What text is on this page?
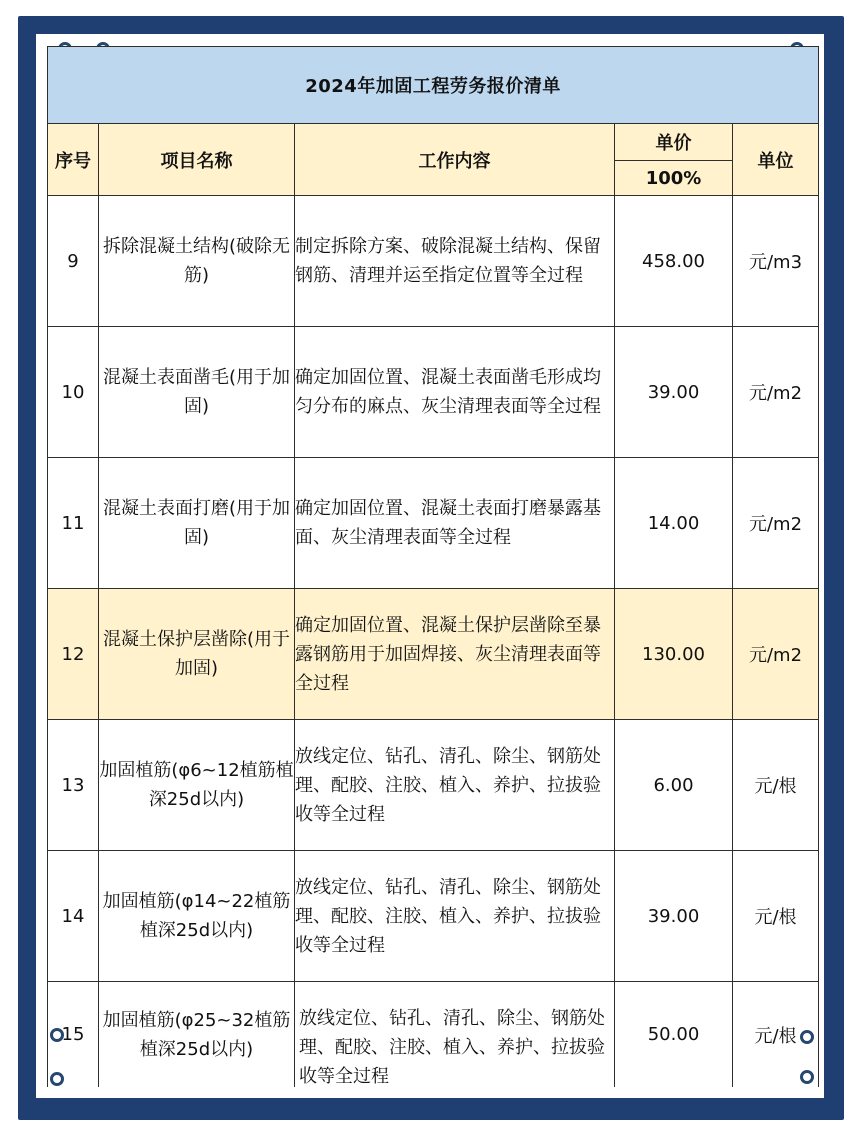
2024年加固工程劳务报价清单				
序号	项目名称	工作内容	单价	单位
			100%	
9	拆除混凝土结构(破除无筋)	制定拆除方案、破除混凝土结构、保留钢筋、清理并运至指定位置等全过程	458.00	元/m3
10	混凝土表面凿毛(用于加固)	确定加固位置、混凝土表面凿毛形成均匀分布的麻点、灰尘清理表面等全过程	39.00	元/m2
11	混凝土表面打磨(用于加固)	确定加固位置、混凝土表面打磨暴露基面、灰尘清理表面等全过程	14.00	元/m2
12	混凝土保护层凿除(用于加固)	确定加固位置、混凝土保护层凿除至暴露钢筋用于加固焊接、灰尘清理表面等全过程	130.00	元/m2
13	加固植筋(φ6~12植筋植深25d以内)	放线定位、钻孔、清孔、除尘、钢筋处理、配胶、注胶、植入、养护、拉拔验收等全过程	6.00	元/根
14	加固植筋(φ14~22植筋植深25d以内)	放线定位、钻孔、清孔、除尘、钢筋处理、配胶、注胶、植入、养护、拉拔验收等全过程	39.00	元/根
15	加固植筋(φ25~32植筋植深25d以内)	放线定位、钻孔、清孔、除尘、钢筋处理、配胶、注胶、植入、养护、拉拔验收等全过程	50.00	元/根
